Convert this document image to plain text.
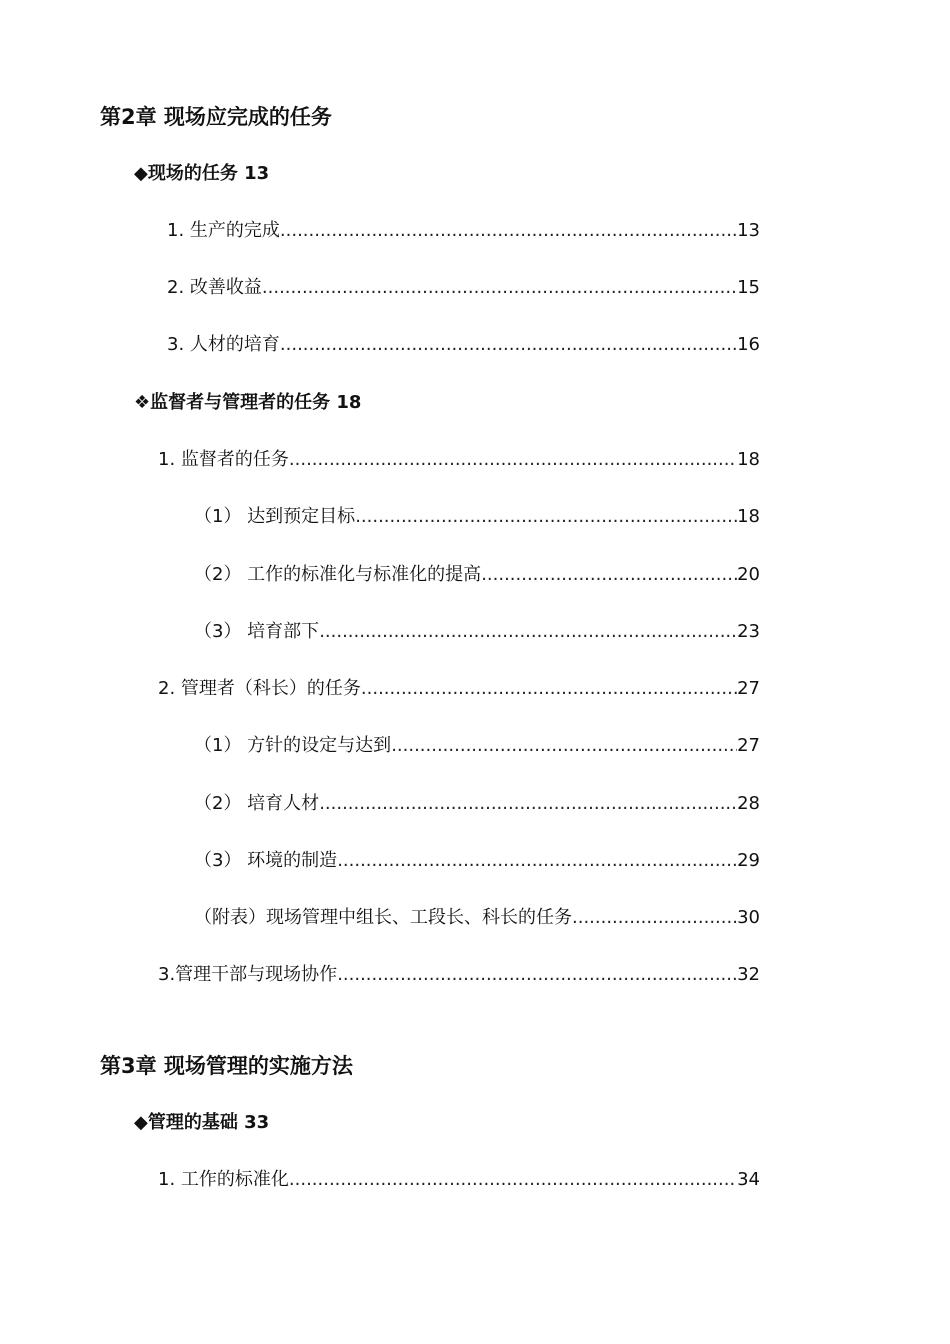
第2章 现场应完成的任务
◆现场的任务 13
1. 生产的完成 .....	13
2. 改善收益 .....	15
3. 人材的培育 .....	16
❖监督者与管理者的任务 18
1. 监督者的任务 .....	18
（1） 达到预定目标 .....	18
（2） 工作的标准化与标准化的提高 .....	20
（3） 培育部下 .....	23
2. 管理者（科长）的任务 .....	27
（1） 方针的设定与达到 .....	27
（2） 培育人材 .....	28
（3） 环境的制造 .....	29
（附表）现场管理中组长、工段长、科长的任务 .....	30
3.管理干部与现场协作 .....	32
第3章 现场管理的实施方法
◆管理的基础 33
1. 工作的标准化 .....	34
